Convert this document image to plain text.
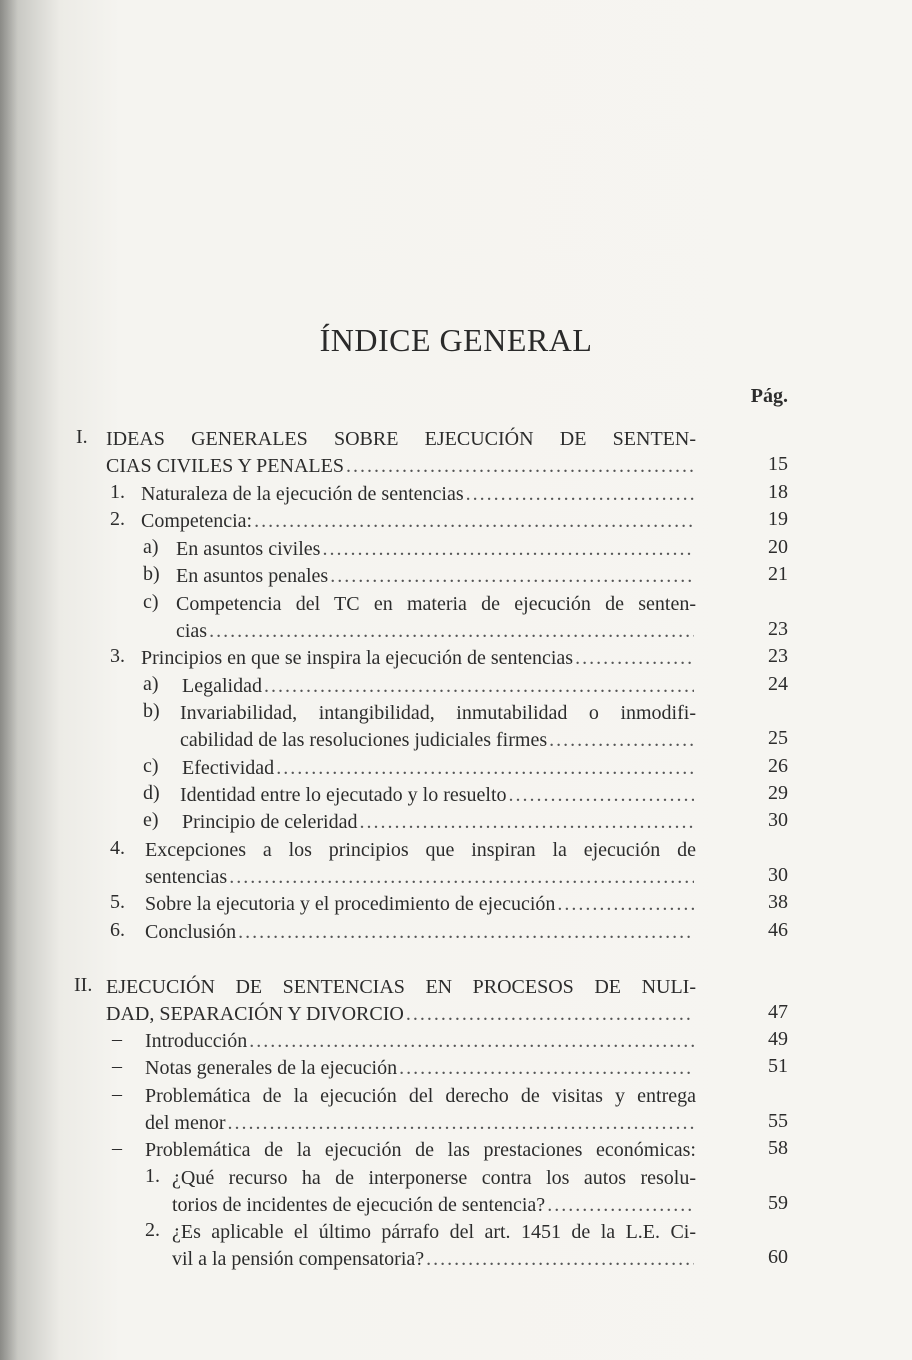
ÍNDICE GENERAL
Pág.
I. IDEAS GENERALES SOBRE EJECUCIÓN DE SENTEN-
CIAS CIVILES Y PENALES . . .	15
1. Naturaleza de la ejecución de sentencias . . .	18
2. Competencia: . . .	19
a) En asuntos civiles . . .	20
b) En asuntos penales . . .	21
c) Competencia del TC en materia de ejecución de senten-
cias . . .	23
3. Principios en que se inspira la ejecución de sentencias . . .	23
a) Legalidad . . .	24
b) Invariabilidad, intangibilidad, inmutabilidad o inmodifi-
cabilidad de las resoluciones judiciales firmes . . .	25
c) Efectividad . . .	26
d) Identidad entre lo ejecutado y lo resuelto . . .	29
e) Principio de celeridad . . .	30
4. Excepciones a los principios que inspiran la ejecución de
sentencias . . .	30
5. Sobre la ejecutoria y el procedimiento de ejecución . . .	38
6. Conclusión . . .	46
II. EJECUCIÓN DE SENTENCIAS EN PROCESOS DE NULI-
DAD, SEPARACIÓN Y DIVORCIO . . .	47
– Introducción . . .	49
– Notas generales de la ejecución . . .	51
– Problemática de la ejecución del derecho de visitas y entrega
del menor . . .	55
– Problemática de la ejecución de las prestaciones económicas:	58
1. ¿Qué recurso ha de interponerse contra los autos resolu-
torios de incidentes de ejecución de sentencia? . . .	59
2. ¿Es aplicable el último párrafo del art. 1451 de la L.E. Ci-
vil a la pensión compensatoria? . . .	60
